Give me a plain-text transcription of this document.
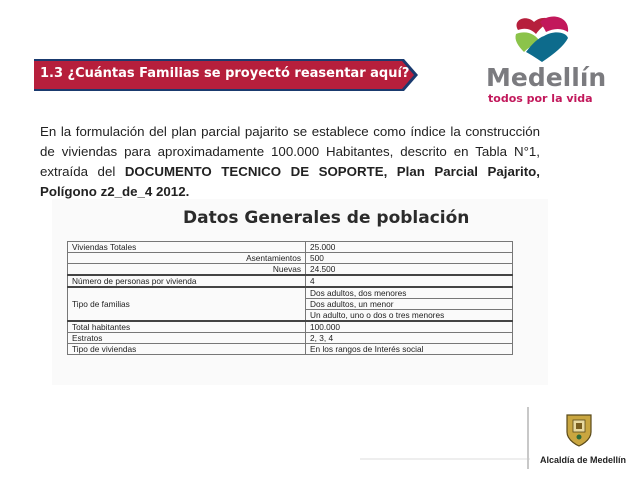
1.3 ¿Cuántas Familias se proyectó reasentar aquí?	Medellín
todos por la vida

En la formulación del plan parcial pajarito se establece como índice la construcción de viviendas para aproximadamente 100.000 Habitantes, descrito en Tabla N°1, extraída del DOCUMENTO TECNICO DE SOPORTE, Plan Parcial Pajarito, Polígono z2_de_4 2012.

Datos Generales de población
Viviendas Totales	25.000
Asentamientos	500
Nuevas	24.500
Número de personas por vivienda	4
Tipo de familias	Dos adultos, dos menores
	Dos adultos, un menor
	Un adulto, uno o dos o tres menores
Total habitantes	100.000
Estratos	2, 3, 4
Tipo de viviendas	En los rangos de Interés social
Alcaldía de Medellín
